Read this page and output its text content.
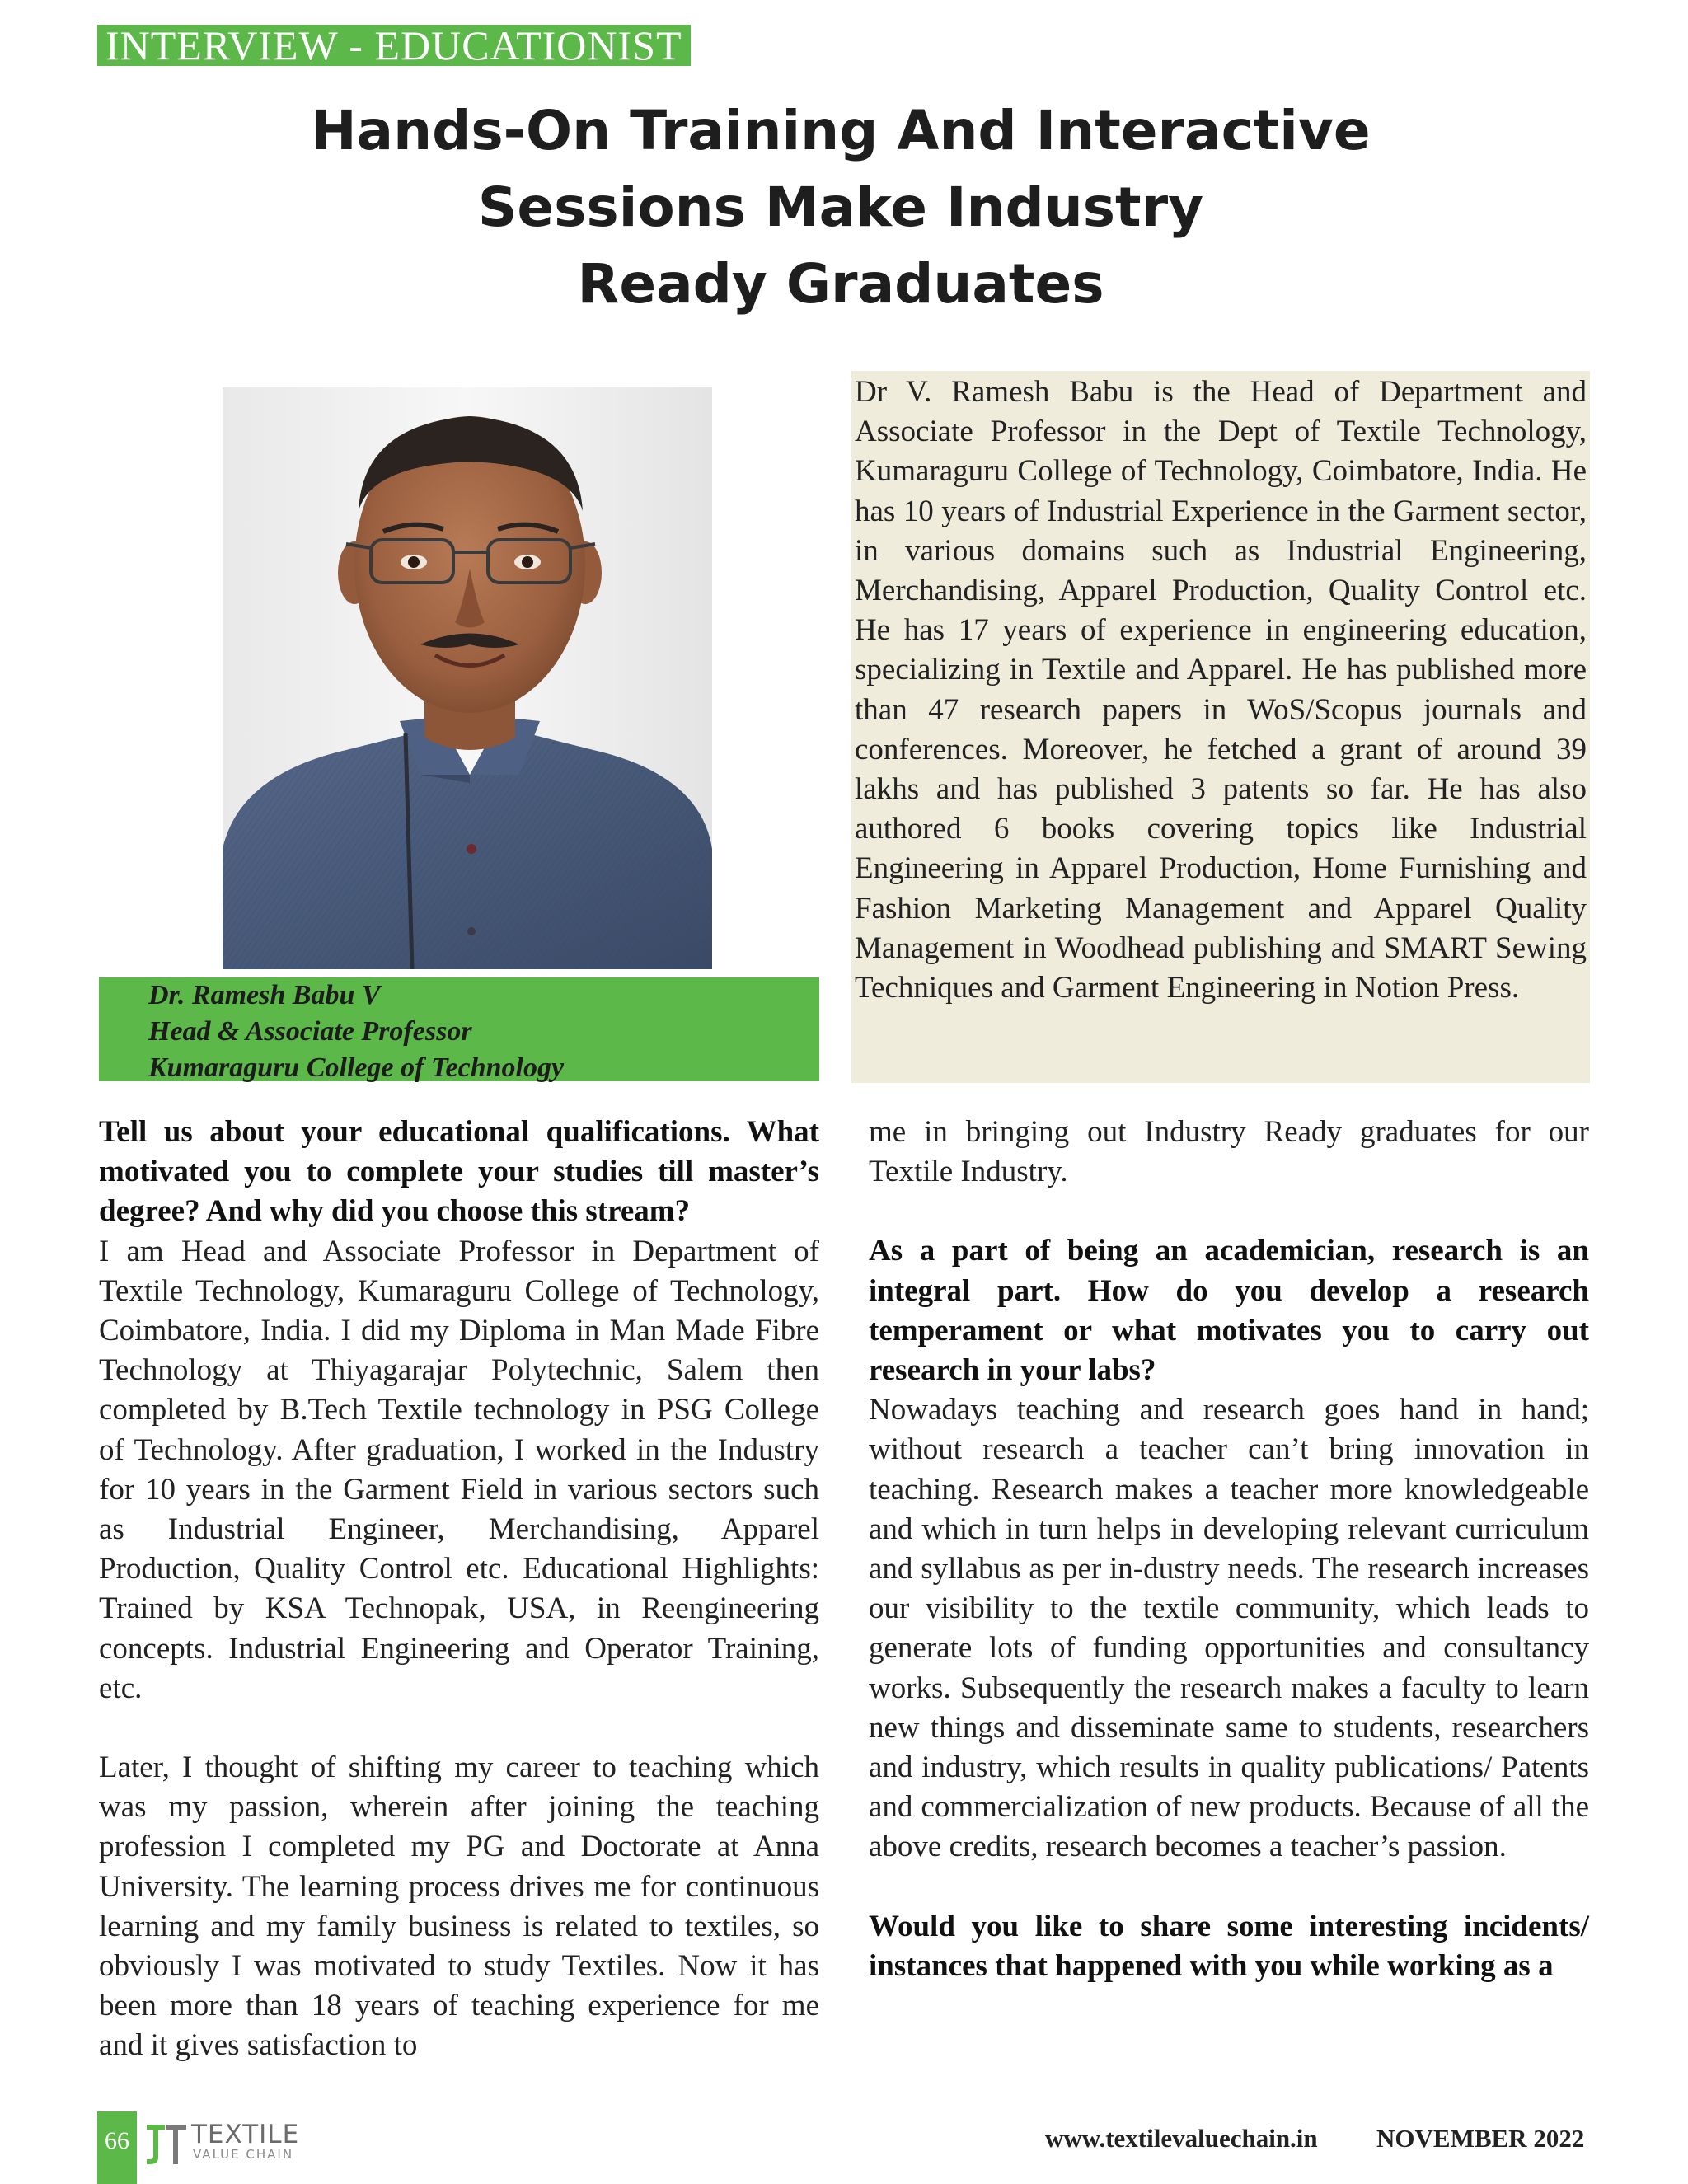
INTERVIEW - EDUCATIONIST
Hands-On Training And Interactive
Sessions Make Industry
Ready Graduates
Dr. Ramesh Babu V
Head & Associate Professor
Kumaraguru College of Technology
Dr V. Ramesh Babu is the Head of Department and Associate Professor in the Dept of Textile Technology, Kumaraguru College of Technology, Coimbatore, India. He has 10 years of Industrial Experience in the Garment sector, in various domains such as Industrial Engineering, Merchandising, Apparel Production, Quality Control etc. He has 17 years of experience in engineering education, specializing in Textile and Apparel. He has published more than 47 research papers in WoS/Scopus journals and conferences. Moreover, he fetched a grant of around 39 lakhs and has published 3 patents so far. He has also authored 6 books covering topics like Industrial Engineering in Apparel Production, Home Furnishing and Fashion Marketing Management and Apparel Quality Management in Woodhead publishing and SMART Sewing Techniques and Garment Engineering in Notion Press.

Tell us about your educational qualifications. What motivated you to complete your studies till master’s degree? And why did you choose this stream?

I am Head and Associate Professor in Department of Textile Technology, Kumaraguru College of Technology, Coimbatore, India. I did my Diploma in Man Made Fibre Technology at Thiyagarajar Polytechnic, Salem then completed by B.Tech Textile technology in PSG College of Technology. After graduation, I worked in the Industry for 10 years in the Garment Field in various sectors such as Industrial Engineer, Merchandising, Apparel Production, Quality Control etc. Educational Highlights: Trained by KSA Technopak, USA, in Reengineering concepts. Industrial Engineering and Operator Training, etc.

Later, I thought of shifting my career to teaching which was my passion, wherein after joining the teaching profession I completed my PG and Doctorate at Anna University. The learning process drives me for continuous learning and my family business is related to textiles, so obviously I was motivated to study Textiles. Now it has been more than 18 years of teaching experience for me and it gives satisfaction to

me in bringing out Industry Ready graduates for our Textile Industry.

As a part of being an academician, research is an integral part. How do you develop a research temperament or what motivates you to carry out research in your labs?

Nowadays teaching and research goes hand in hand; without research a teacher can’t bring innovation in teaching. Research makes a teacher more knowledgeable and which in turn helps in developing relevant curriculum and syllabus as per in-dustry needs. The research increases our visibility to the textile community, which leads to generate lots of funding opportunities and consultancy works. Subsequently the research makes a faculty to learn new things and disseminate same to students, researchers and industry, which results in quality publications/ Patents and commercialization of new products. Because of all the above credits, research becomes a teacher’s passion.

Would you like to share some interesting incidents/ instances that happened with you while working as a

66 TEXTILE
VALUE CHAIN
www.textilevaluechain.in NOVEMBER 2022
